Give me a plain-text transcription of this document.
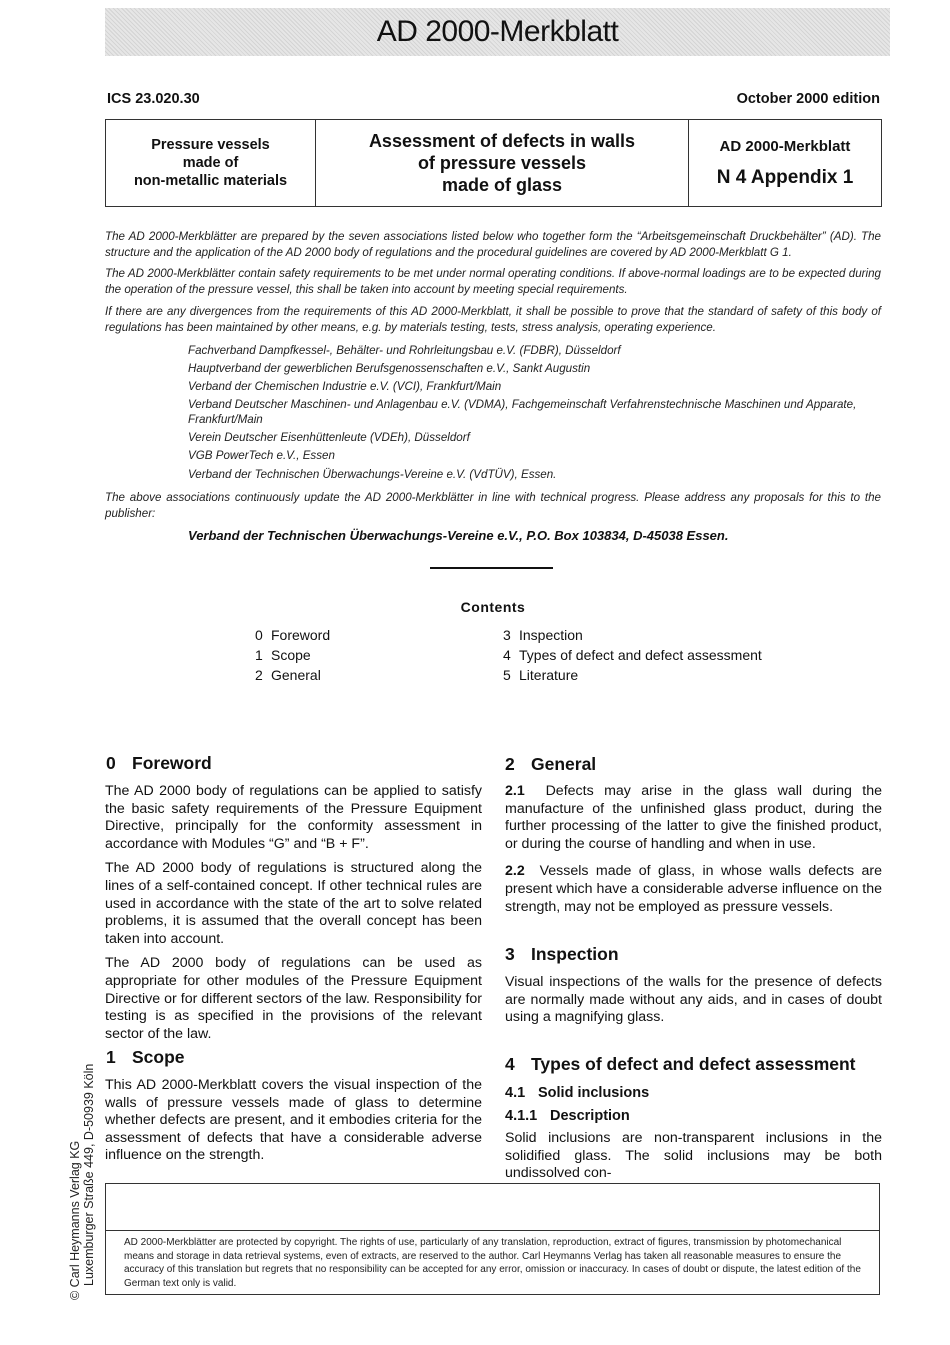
AD 2000-Merkblatt
ICS 23.020.30	October 2000 edition
Pressure vessels
made of
non-metallic materials
Assessment of defects in walls
of pressure vessels
made of glass
AD 2000-Merkblatt
N 4 Appendix 1
The AD 2000-Merkblätter are prepared by the seven associations listed below who together form the “Arbeitsgemeinschaft Druckbehälter” (AD). The structure and the application of the AD 2000 body of regulations and the procedural guidelines are covered by AD 2000-Merkblatt G 1.
The AD 2000-Merkblätter contain safety requirements to be met under normal operating conditions. If above-normal loadings are to be expected during the operation of the pressure vessel, this shall be taken into account by meeting special requirements.
If there are any divergences from the requirements of this AD 2000-Merkblatt, it shall be possible to prove that the standard of safety of this body of regulations has been maintained by other means, e.g. by materials testing, tests, stress analysis, operating experience.
Fachverband Dampfkessel-, Behälter- und Rohrleitungsbau e.V. (FDBR), Düsseldorf
Hauptverband der gewerblichen Berufsgenossenschaften e.V., Sankt Augustin
Verband der Chemischen Industrie e.V. (VCI), Frankfurt/Main
Verband Deutscher Maschinen- und Anlagenbau e.V. (VDMA), Fachgemeinschaft Verfahrenstechnische Maschinen und Apparate, Frankfurt/Main
Verein Deutscher Eisenhüttenleute (VDEh), Düsseldorf
VGB PowerTech e.V., Essen
Verband der Technischen Überwachungs-Vereine e.V. (VdTÜV), Essen.
The above associations continuously update the AD 2000-Merkblätter in line with technical progress. Please address any proposals for this to the publisher:
Verband der Technischen Überwachungs-Vereine e.V., P.O. Box 103834, D-45038 Essen.
Contents
0 Foreword
1 Scope
2 General
3 Inspection
4 Types of defect and defect assessment
5 Literature
0 Foreword

The AD 2000 body of regulations can be applied to satisfy the basic safety requirements of the Pressure Equipment Directive, principally for the conformity assessment in accordance with Modules “G” and “B + F”.

The AD 2000 body of regulations is structured along the lines of a self-contained concept. If other technical rules are used in accordance with the state of the art to solve related problems, it is assumed that the overall concept has been taken into account.

The AD 2000 body of regulations can be used as appropriate for other modules of the Pressure Equipment Directive or for different sectors of the law. Responsibility for testing is as specified in the provisions of the relevant sector of the law.

1 Scope

This AD 2000-Merkblatt covers the visual inspection of the walls of pressure vessels made of glass to determine whether defects are present, and it embodies criteria for the assessment of defects that have a considerable adverse influence on the strength.

2 General

2.1 Defects may arise in the glass wall during the manufacture of the unfinished glass product, during the further processing of the latter to give the finished product, or during the course of handling and when in use.

2.2 Vessels made of glass, in whose walls defects are present which have a considerable adverse influence on the strength, may not be employed as pressure vessels.

3 Inspection

Visual inspections of the walls for the presence of defects are normally made without any aids, and in cases of doubt using a magnifying glass.

4 Types of defect and defect assessment
4.1 Solid inclusions
4.1.1 Description

Solid inclusions are non-transparent inclusions in the solidified glass. The solid inclusions may be both undissolved con-

AD 2000-Merkblätter are protected by copyright. The rights of use, particularly of any translation, reproduction, extract of figures, transmission by photomechanical means and storage in data retrieval systems, even of extracts, are reserved to the author. Carl Heymanns Verlag has taken all reasonable measures to ensure the accuracy of this translation but regrets that no responsibility can be accepted for any error, omission or inaccuracy. In cases of doubt or dispute, the latest edition of the German text only is valid.
© Carl Heymanns Verlag KG Luxemburger Straße 449, D-50939 Köln
